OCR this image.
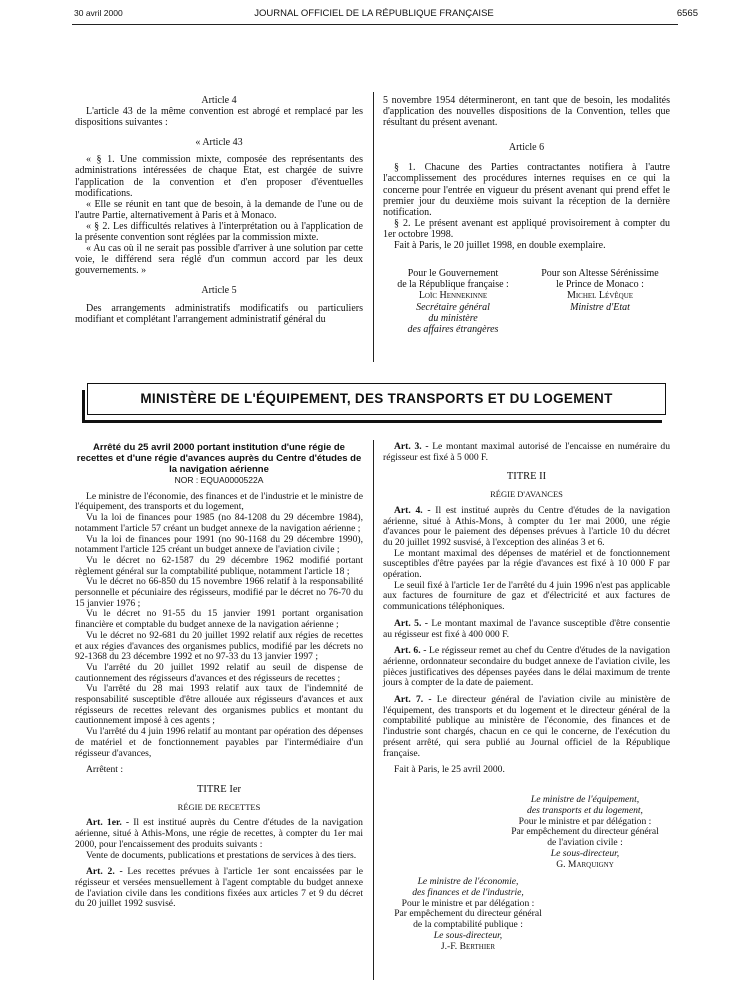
30 avril 2000	JOURNAL OFFICIEL DE LA RÉPUBLIQUE FRANÇAISE	6565

Article 4

L'article 43 de la même convention est abrogé et remplacé par les dispositions suivantes :

« Article 43

« § 1. Une commission mixte, composée des représentants des administrations intéressées de chaque Etat, est chargée de suivre l'application de la convention et d'en proposer d'éventuelles modifications.

« Elle se réunit en tant que de besoin, à la demande de l'une ou de l'autre Partie, alternativement à Paris et à Monaco.

« § 2. Les difficultés relatives à l'interprétation ou à l'application de la présente convention sont réglées par la commission mixte.

« Au cas où il ne serait pas possible d'arriver à une solution par cette voie, le différend sera réglé d'un commun accord par les deux gouvernements. »

Article 5

Des arrangements administratifs modificatifs ou particuliers modifiant et complétant l'arrangement administratif général du

5 novembre 1954 détermineront, en tant que de besoin, les modalités d'application des nouvelles dispositions de la Convention, telles que résultant du présent avenant.

Article 6

§ 1. Chacune des Parties contractantes notifiera à l'autre l'accomplissement des procédures internes requises en ce qui la concerne pour l'entrée en vigueur du présent avenant qui prend effet le premier jour du deuxième mois suivant la réception de la dernière notification.

§ 2. Le présent avenant est appliqué provisoirement à compter du 1er octobre 1998.

Fait à Paris, le 20 juillet 1998, en double exemplaire.

Pour le Gouvernement
de la République française :
Loïc Hennekinne
Secrétaire général
du ministère
des affaires étrangères
Pour son Altesse Sérénissime
le Prince de Monaco :
Michel Lévêque
Ministre d'Etat
MINISTÈRE DE L'ÉQUIPEMENT, DES TRANSPORTS ET DU LOGEMENT

Arrêté du 25 avril 2000 portant institution d'une régie de recettes et d'une régie d'avances auprès du Centre d'études de la navigation aérienne

NOR : EQUA0000522A

Le ministre de l'économie, des finances et de l'industrie et le ministre de l'équipement, des transports et du logement,

Vu la loi de finances pour 1985 (no 84-1208 du 29 décembre 1984), notamment l'article 57 créant un budget annexe de la navigation aérienne ;

Vu la loi de finances pour 1991 (no 90-1168 du 29 décembre 1990), notamment l'article 125 créant un budget annexe de l'aviation civile ;

Vu le décret no 62-1587 du 29 décembre 1962 modifié portant règlement général sur la comptabilité publique, notamment l'article 18 ;

Vu le décret no 66-850 du 15 novembre 1966 relatif à la responsabilité personnelle et pécuniaire des régisseurs, modifié par le décret no 76-70 du 15 janvier 1976 ;

Vu le décret no 91-55 du 15 janvier 1991 portant organisation financière et comptable du budget annexe de la navigation aérienne ;

Vu le décret no 92-681 du 20 juillet 1992 relatif aux régies de recettes et aux régies d'avances des organismes publics, modifié par les décrets no 92-1368 du 23 décembre 1992 et no 97-33 du 13 janvier 1997 ;

Vu l'arrêté du 20 juillet 1992 relatif au seuil de dispense de cautionnement des régisseurs d'avances et des régisseurs de recettes ;

Vu l'arrêté du 28 mai 1993 relatif aux taux de l'indemnité de responsabilité susceptible d'être allouée aux régisseurs d'avances et aux régisseurs de recettes relevant des organismes publics et montant du cautionnement imposé à ces agents ;

Vu l'arrêté du 4 juin 1996 relatif au montant par opération des dépenses de matériel et de fonctionnement payables par l'intermédiaire d'un régisseur d'avances,

Arrêtent :

TITRE Ier

RÉGIE DE RECETTES

Art. 1er. - Il est institué auprès du Centre d'études de la navigation aérienne, situé à Athis-Mons, une régie de recettes, à compter du 1er mai 2000, pour l'encaissement des produits suivants :

Vente de documents, publications et prestations de services à des tiers.

Art. 2. - Les recettes prévues à l'article 1er sont encaissées par le régisseur et versées mensuellement à l'agent comptable du budget annexe de l'aviation civile dans les conditions fixées aux articles 7 et 9 du décret du 20 juillet 1992 susvisé.

Art. 3. - Le montant maximal autorisé de l'encaisse en numéraire du régisseur est fixé à 5 000 F.

TITRE II

RÉGIE D'AVANCES

Art. 4. - Il est institué auprès du Centre d'études de la navigation aérienne, situé à Athis-Mons, à compter du 1er mai 2000, une régie d'avances pour le paiement des dépenses prévues à l'article 10 du décret du 20 juillet 1992 susvisé, à l'exception des alinéas 3 et 6.

Le montant maximal des dépenses de matériel et de fonctionnement susceptibles d'être payées par la régie d'avances est fixé à 10 000 F par opération.

Le seuil fixé à l'article 1er de l'arrêté du 4 juin 1996 n'est pas applicable aux factures de fourniture de gaz et d'électricité et aux factures de communications téléphoniques.

Art. 5. - Le montant maximal de l'avance susceptible d'être consentie au régisseur est fixé à 400 000 F.

Art. 6. - Le régisseur remet au chef du Centre d'études de la navigation aérienne, ordonnateur secondaire du budget annexe de l'aviation civile, les pièces justificatives des dépenses payées dans le délai maximum de trente jours à compter de la date de paiement.

Art. 7. - Le directeur général de l'aviation civile au ministère de l'équipement, des transports et du logement et le directeur général de la comptabilité publique au ministère de l'économie, des finances et de l'industrie sont chargés, chacun en ce qui le concerne, de l'exécution du présent arrêté, qui sera publié au Journal officiel de la République française.

Fait à Paris, le 25 avril 2000.

Le ministre de l'équipement,
des transports et du logement,
Pour le ministre et par délégation :
Par empêchement du directeur général
de l'aviation civile :
Le sous-directeur,
G. Marquigny
Le ministre de l'économie,
des finances et de l'industrie,
Pour le ministre et par délégation :
Par empêchement du directeur général
de la comptabilité publique :
Le sous-directeur,
J.-F. Berthier
